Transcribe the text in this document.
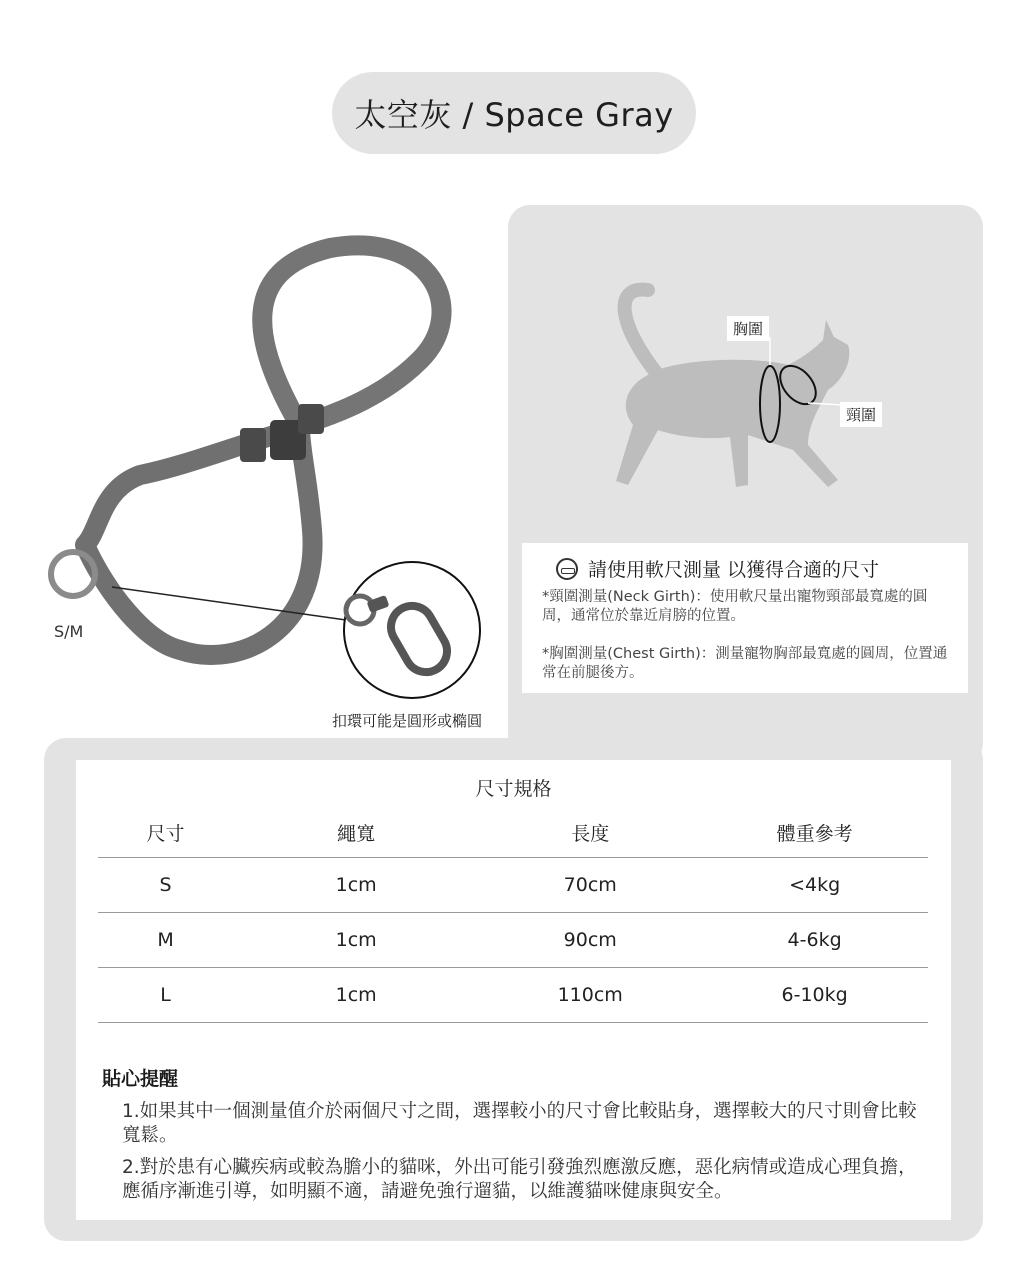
太空灰 / Space Gray
S/M
扣環可能是圓形或橢圓
胸圍
頸圍
請使用軟尺測量 以獲得合適的尺寸
*頸圍測量(Neck Girth)：使用軟尺量出寵物頸部最寬處的圓周，通常位於靠近肩膀的位置。
*胸圍測量(Chest Girth)：測量寵物胸部最寬處的圓周，位置通常在前腿後方。
尺寸規格
尺寸	繩寬	長度	體重參考
S	1cm	70cm	<4kg
M	1cm	90cm	4-6kg
L	1cm	110cm	6-10kg
貼心提醒
1.如果其中一個測量值介於兩個尺寸之間，選擇較小的尺寸會比較貼身，選擇較大的尺寸則會比較寬鬆。
2.對於患有心臟疾病或較為膽小的貓咪，外出可能引發強烈應激反應，惡化病情或造成心理負擔，應循序漸進引導，如明顯不適，請避免強行遛貓，以維護貓咪健康與安全。
